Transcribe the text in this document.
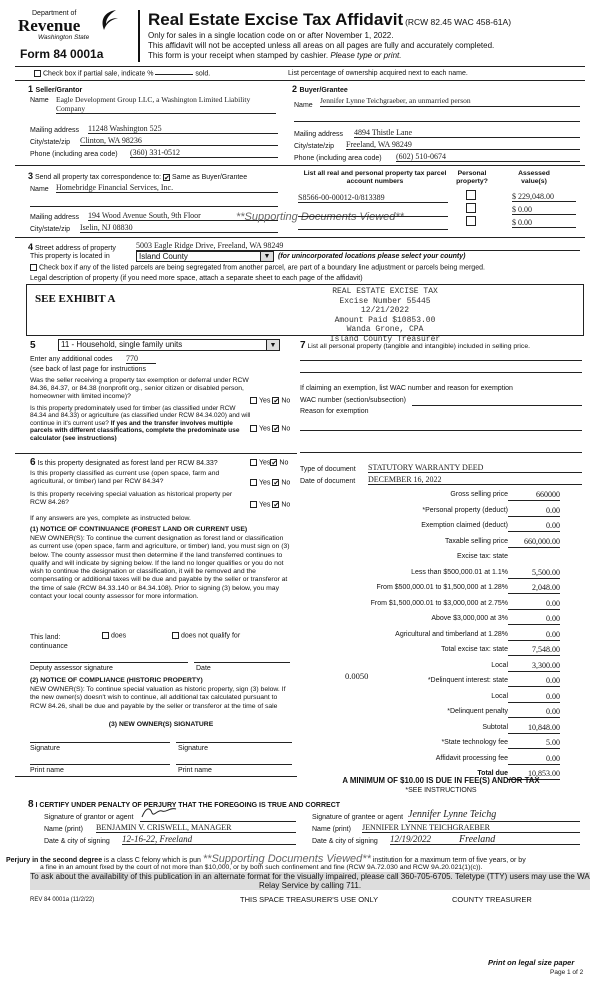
Department of
Revenue
Washington State
Form 84 0001a
Real Estate Excise Tax Affidavit (RCW 82.45 WAC 458-61A)
Only for sales in a single location code on or after November 1, 2022.
This affidavit will not be accepted unless all areas on all pages are fully and accurately completed.
This form is your receipt when stamped by cashier. Please type or print.
Check box if partial sale, indicate %	sold.	List percentage of ownership acquired next to each name.
1 Seller/Grantor
Name Eagle Development Group LLC, a Washington Limited Liability Company
Mailing address 11248 Washington 525
City/state/zip Clinton, WA 98236
Phone (including area code) (360) 331-0512
2 Buyer/Grantee
Name
Jennifer Lynne Teichgraeber, an unmarried person
Mailing address 4894 Thistle Lane
City/state/zip Freeland, WA 98249
Phone (including area code) (602) 510-0674
3 Send all property tax correspondence to: ✔ Same as Buyer/Grantee
Name Homebridge Financial Services, Inc.
Mailing address 194 Wood Avenue South, 9th Floor
City/state/zip Iselin, NJ 08830
**Supporting Documents Viewed**
List all real and personal property tax parcel account numbers
Personal property?
Assessed value(s)
S8566-00-00012-0/813389	$ 229,048.00
$ 0.00
$ 0.00
4 Street address of property	5003 Eagle Ridge Drive, Freeland, WA 98249
This property is located in	Island County	▼	(for unincorporated locations please select your county)
Check box if any of the listed parcels are being segregated from another parcel, are part of a boundary line adjustment or parcels being merged.
Legal description of property (if you need more space, attach a separate sheet to each page of the affidavit)
SEE EXHIBIT A
REAL ESTATE EXCISE TAX
Excise Number 55445
12/21/2022
Amount Paid $10853.00
Wanda Grone, CPA
Island County Treasurer
5	11 - Household, single family units	▼
Enter any additional codes 770
(see back of last page for instructions
Was the seller receiving a property tax exemption or deferral under RCW 84.36, 84.37, or 84.38 (nonprofit org., senior citizen or disabled person, homeowner with limited income)?
Yes ✔ No
Is this property predominately used for timber (as classified under RCW 84.34 and 84.33) or agriculture (as classified under RCW 84.34.020) and will continue in it's current use? If yes and the transfer involves multiple parcels with different classifications, complete the predominate use calculator (see instructions)
Yes ✔ No
6 Is this property designated as forest land per RCW 84.33?	Yes✔ No
Is this property classified as current use (open space, farm and agricultural, or timber) land per RCW 84.34?	Yes ✔ No
Is this property receiving special valuation as historical property per RCW 84.26?	Yes ✔ No
If any answers are yes, complete as instructed below.
(1) NOTICE OF CONTINUANCE (FOREST LAND OR CURRENT USE)
NEW OWNER(S): To continue the current designation as forest land or classification as current use (open space, farm and agriculture, or timber) land, you must sign on (3) below. The county assessor must then determine if the land transferred continues to qualify and will indicate by signing below. If the land no longer qualifies or you do not wish to continue the designation or classification, it will be removed and the compensating or additional taxes will be due and payable by the seller or transferor at the time of sale (RCW 84.33.140 or 84.34.108). Prior to signing (3) below, you may contact your local county assessor for more information.
This land:	does	does not qualify for
continuance
Deputy assessor signature	Date
(2) NOTICE OF COMPLIANCE (HISTORIC PROPERTY)
NEW OWNER(S): To continue special valuation as historic property, sign (3) below. If the new owner(s) doesn't wish to continue, all additional tax calculated pursuant to RCW 84.26, shall be due and payable by the seller or transferor at the time of sale
(3) NEW OWNER(S) SIGNATURE
Signature	Signature
Print name	Print name
7 List all personal property (tangible and intangible) included in selling price.
If claiming an exemption, list WAC number and reason for exemption
WAC number (section/subsection)
Reason for exemption
Type of document STATUTORY WARRANTY DEED
Date of document DECEMBER 16, 2022
Gross selling price	660000
*Personal property (deduct)	0.00
Exemption claimed (deduct)	0.00
Taxable selling price 660,000.00
Excise tax: state
Less than $500,000.01 at 1.1%	5,500.00
From $500,000.01 to $1,500,000 at 1.28%	2,048.00
From $1,500,000.01 to $3,000,000 at 2.75%	0.00
Above $3,000,000 at 3%	0.00
Agricultural and timberland at 1.28%	0.00
Total excise tax: state	7,548.00
Local	3,300.00
*Delinquent interest: state	0.00
Local	0.00
*Delinquent penalty	0.00
Subtotal	10,848.00
*State technology fee	5.00
Affidavit processing fee	0.00
Total due	10,853.00
0.0050
A MINIMUM OF $10.00 IS DUE IN FEE(S) AND/OR TAX
*SEE INSTRUCTIONS
8 I CERTIFY UNDER PENALTY OF PERJURY THAT THE FOREGOING IS TRUE AND CORRECT
Signature of grantor or agent
Name (print) BENJAMIN V. CRISWELL, MANAGER
Date & city of signing 12-16-22, Freeland
Signature of grantee or agent Jennifer Lynne Teichg
Name (print) JENNIFER LYNNE TEICHGRAEBER
Date & city of signing 12/19/2022	Freeland
Perjury in the second degree is a class C felony which is pun **Supporting Documents Viewed** institution for a maximum term of five years, or by
a fine in an amount fixed by the court of not more than $10,000, or by both such confinement and fine (RCW 9A.72.030 and RCW 9A.20.021(1)(c)).
To ask about the availability of this publication in an alternate format for the visually impaired, please call 360-705-6705. Teletype (TTY) users may use the WA Relay Service by calling 711.
REV 84 0001a (11/2/22)	THIS SPACE TREASURER'S USE ONLY	COUNTY TREASURER
Print on legal size paper
Page 1 of 2
